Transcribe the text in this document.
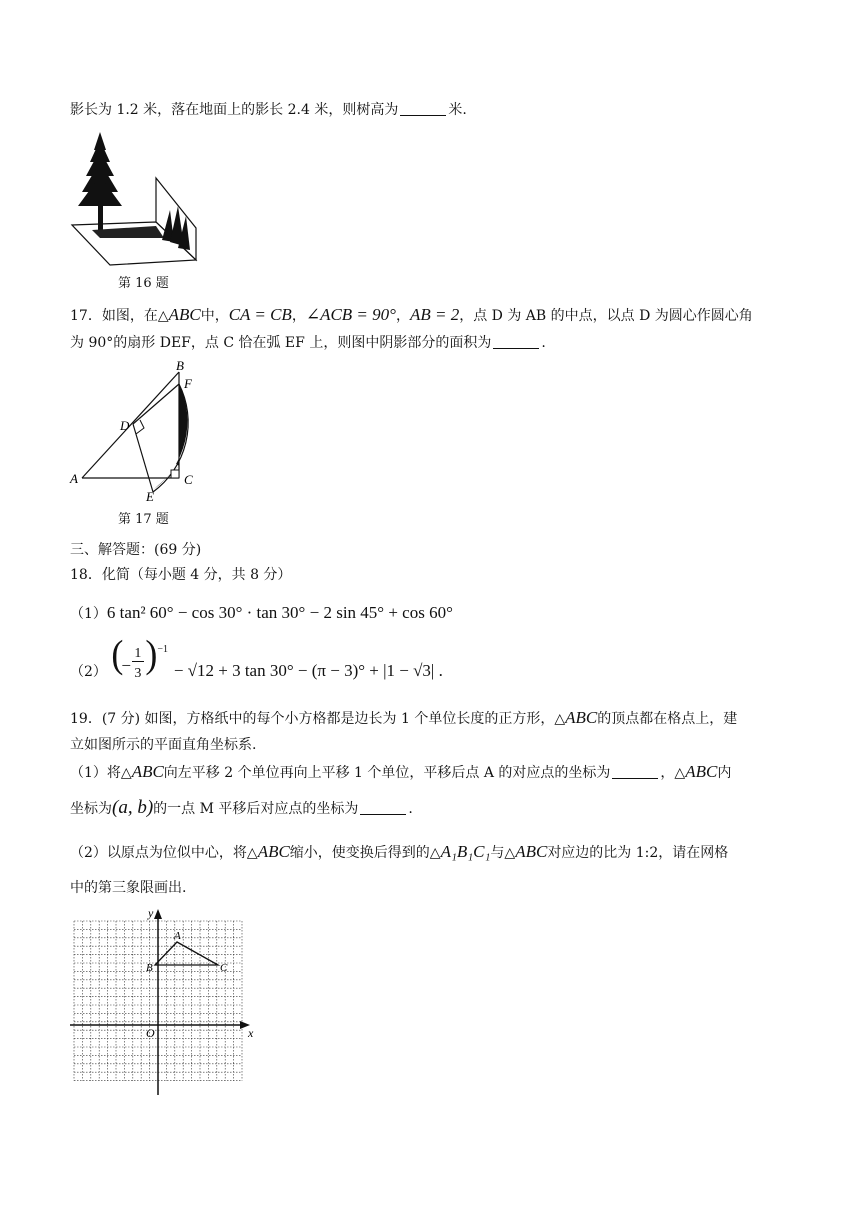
影长为 1.2 米，落在地面上的影长 2.4 米，则树高为	米.
第 16 题
17．如图，在△ABC中，CA = CB，∠ACB = 90°，AB = 2，点 D 为 AB 的中点，以点 D 为圆心作圆心角
为 90°的扇形 DEF，点 C 恰在弧 EF 上，则图中阴影部分的面积为	.
A
B
C
D
E
F
第 17 题
三、解答题：(69 分)
18．化简（每小题 4 分，共 8 分）
（1）6 tan² 60° − cos 30° · tan 30° − 2 sin 45° + cos 60°
（2） (
−
1
3 ) −1
− √12 + 3 tan 30° − (π − 3)° + |1 − √3| .
19．(7 分) 如图，方格纸中的每个小方格都是边长为 1 个单位长度的正方形，△ABC的顶点都在格点上，建
立如图所示的平面直角坐标系.
（1）将△ABC向左平移 2 个单位再向上平移 1 个单位，平移后点 A 的对应点的坐标为	，△ABC内
坐标为(a, b)的一点 M 平移后对应点的坐标为	.
（2）以原点为位似中心，将△ABC缩小，使变换后得到的△A₁B₁C₁与△ABC对应边的比为 1:2，请在网格
中的第三象限画出.
y
x
O
A
B	C
